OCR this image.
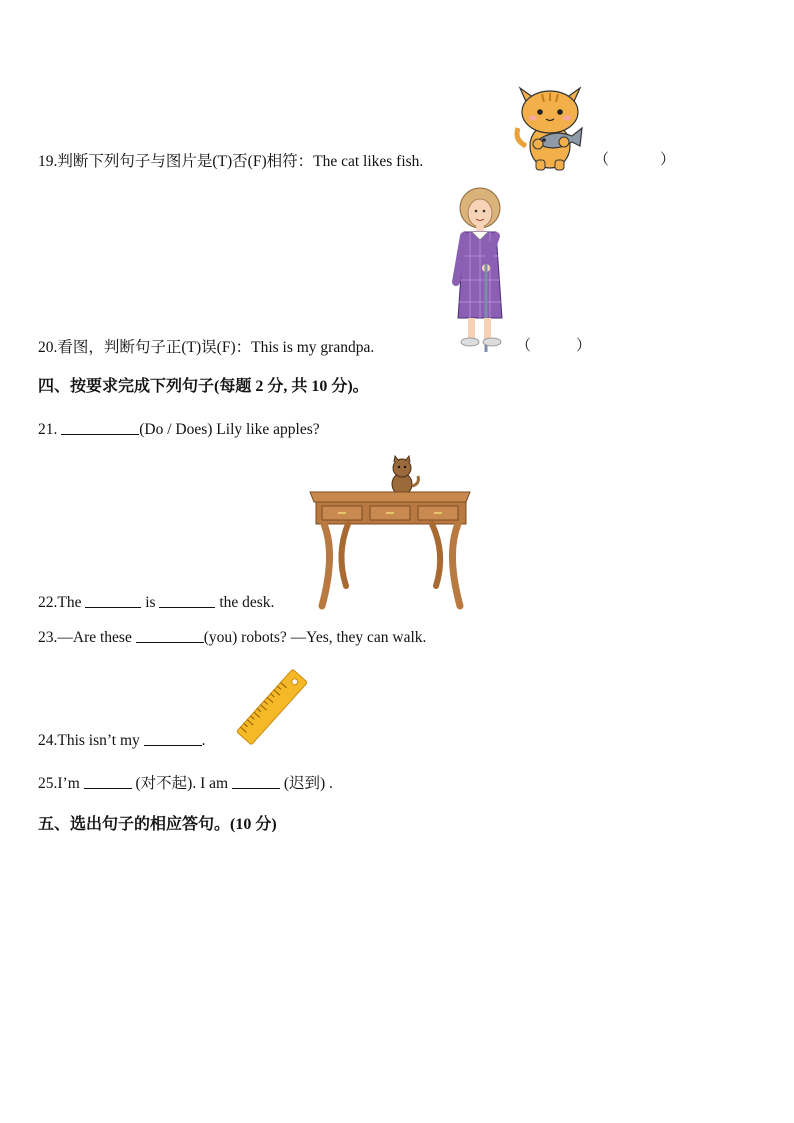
19.判断下列句子与图片是(T)否(F)相符：The cat likes fish.	（	）
20.看图，判断句子正(T)误(F)：This is my grandpa.	（	）
四、按要求完成下列句子(每题 2 分, 共 10 分)。
21.	(Do / Does) Lily like apples?
22.The	is	the desk.
23.—Are these	(you) robots? —Yes, they can walk.
24.This isn’t my	.
25.I’m	(对不起). I am	(迟到) .
五、选出句子的相应答句。(10 分)
